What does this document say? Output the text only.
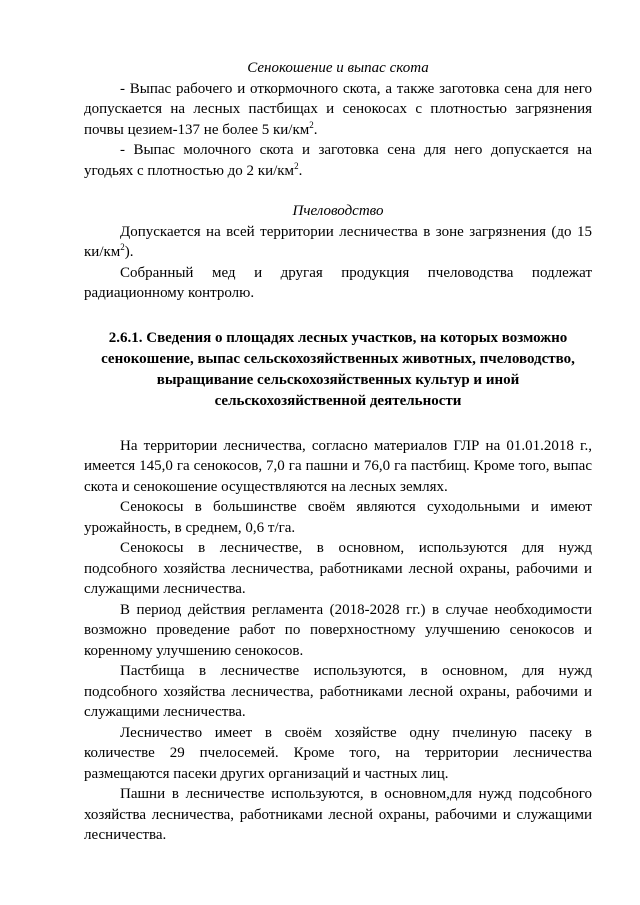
Сенокошение и выпас скота

- Выпас рабочего и откормочного скота, а также заготовка сена для него допускается на лесных пастбищах и сенокосах с плотностью загрязнения почвы цезием-137 не более 5 $ки/км^2$.

- Выпас молочного скота и заготовка сена для него допускается на угодьях с плотностью до 2 $ки/км^2$.

Пчеловодство

Допускается на всей территории лесничества в зоне загрязнения (до 15 $ки/км^2$).

Собранный мед и другая продукция пчеловодства подлежат радиационному контролю.

2.6.1. Сведения о площадях лесных участков, на которых возможно
сенокошение, выпас сельскохозяйственных животных, пчеловодство,
выращивание сельскохозяйственных культур и иной
сельскохозяйственной деятельности

На территории лесничества, согласно материалов ГЛР на 01.01.2018 г., имеется 145,0 га сенокосов, 7,0 га пашни и 76,0 га пастбищ. Кроме того, выпас скота и сенокошение осуществляются на лесных землях.

Сенокосы в большинстве своём являются суходольными и имеют урожайность, в среднем, 0,6 т/га.

Сенокосы в лесничестве, в основном, используются для нужд подсобного хозяйства лесничества, работниками лесной охраны, рабочими и служащими лесничества.

В период действия регламента (2018-2028 гг.) в случае необходимости возможно проведение работ по поверхностному улучшению сенокосов и коренному улучшению сенокосов.

Пастбища в лесничестве используются, в основном, для нужд подсобного хозяйства лесничества, работниками лесной охраны, рабочими и служащими лесничества.

Лесничество имеет в своём хозяйстве одну пчелиную пасеку в количестве 29 пчелосемей. Кроме того, на территории лесничества размещаются пасеки других организаций и частных лиц.

Пашни в лесничестве используются, в основном,для нужд подсобного хозяйства лесничества, работниками лесной охраны, рабочими и служащими лесничества.
